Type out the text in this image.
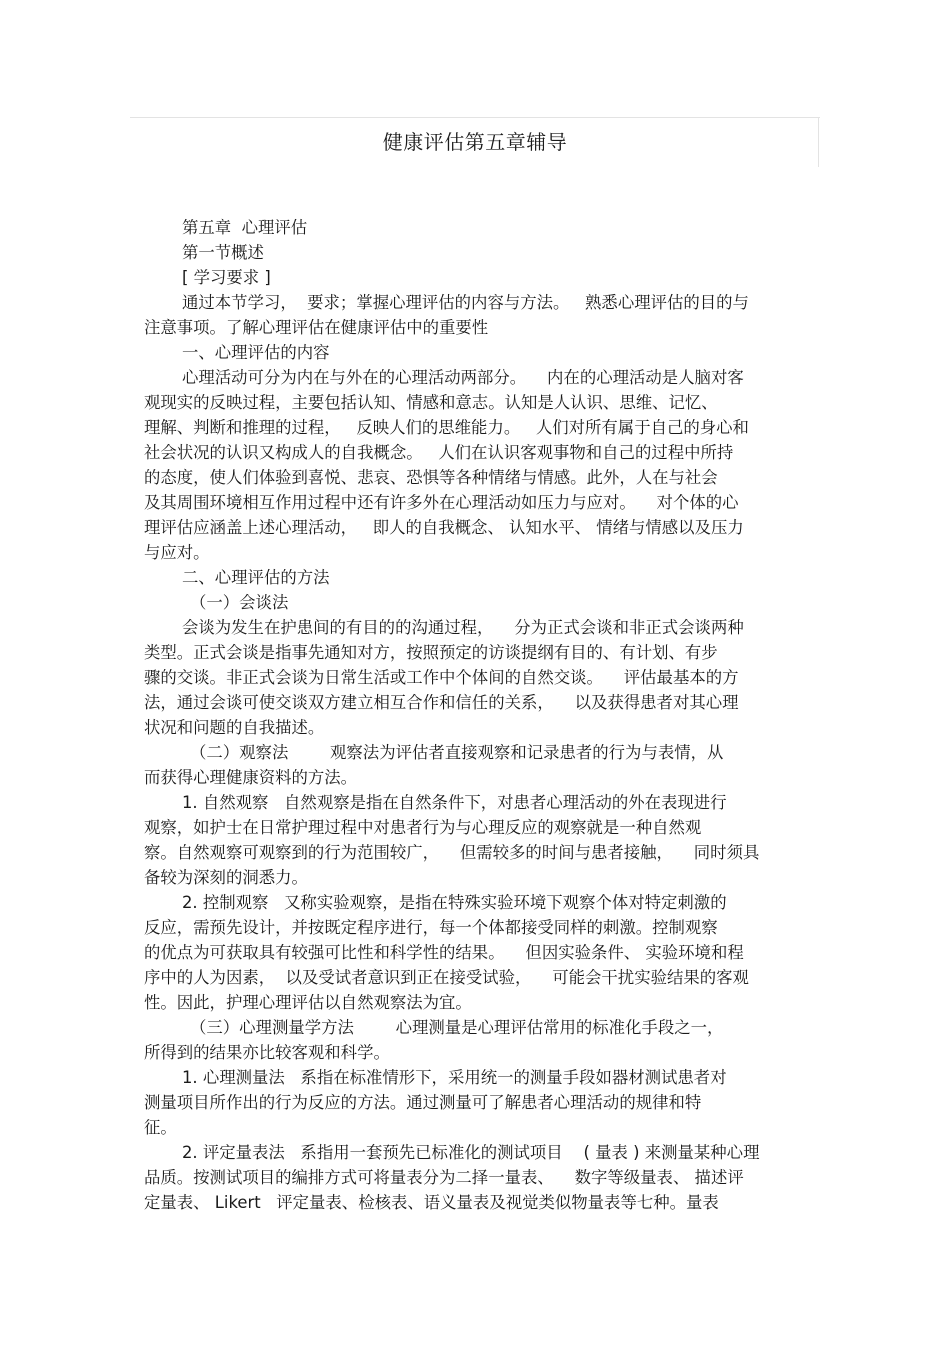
健康评估第五章辅导
第五章  心理评估
第一节概述
[ 学习要求 ]
通过本节学习，  要求；掌握心理评估的内容与方法。   熟悉心理评估的目的与
注意事项。了解心理评估在健康评估中的重要性
一、心理评估的内容
心理活动可分为内在与外在的心理活动两部分。    内在的心理活动是人脑对客
观现实的反映过程，主要包括认知、情感和意志。认知是人认识、思维、记忆、
理解、判断和推理的过程，   反映人们的思维能力。   人们对所有属于自己的身心和
社会状况的认识又构成人的自我概念。   人们在认识客观事物和自己的过程中所持
的态度，使人们体验到喜悦、悲哀、恐惧等各种情绪与情感。此外，人在与社会
及其周围环境相互作用过程中还有许多外在心理活动如压力与应对。    对个体的心
理评估应涵盖上述心理活动，   即人的自我概念、 认知水平、 情绪与情感以及压力
与应对。
二、心理评估的方法
（一）会谈法
会谈为发生在护患间的有目的的沟通过程，    分为正式会谈和非正式会谈两种
类型。正式会谈是指事先通知对方，按照预定的访谈提纲有目的、有计划、有步
骤的交谈。非正式会谈为日常生活或工作中个体间的自然交谈。    评估最基本的方
法，通过会谈可使交谈双方建立相互合作和信任的关系，    以及获得患者对其心理
状况和问题的自我描述。
（二）观察法        观察法为评估者直接观察和记录患者的行为与表情，从
而获得心理健康资料的方法。
1. 自然观察   自然观察是指在自然条件下，对患者心理活动的外在表现进行
观察，如护士在日常护理过程中对患者行为与心理反应的观察就是一种自然观
察。自然观察可观察到的行为范围较广，    但需较多的时间与患者接触，    同时须具
备较为深刻的洞悉力。
2. 控制观察   又称实验观察，是指在特殊实验环境下观察个体对特定刺激的
反应，需预先设计，并按既定程序进行，每一个体都接受同样的刺激。控制观察
的优点为可获取具有较强可比性和科学性的结果。    但因实验条件、 实验环境和程
序中的人为因素，  以及受试者意识到正在接受试验，    可能会干扰实验结果的客观
性。因此，护理心理评估以自然观察法为宜。
（三）心理测量学方法        心理测量是心理评估常用的标准化手段之一，
所得到的结果亦比较客观和科学。
1. 心理测量法   系指在标准情形下，采用统一的测量手段如器材测试患者对
测量项目所作出的行为反应的方法。通过测量可了解患者心理活动的规律和特
征。
2. 评定量表法   系指用一套预先已标准化的测试项目    ( 量表 ) 来测量某种心理
品质。按测试项目的编排方式可将量表分为二择一量表、    数字等级量表、 描述评
定量表、 Likert   评定量表、检核表、语义量表及视觉类似物量表等七种。量表
